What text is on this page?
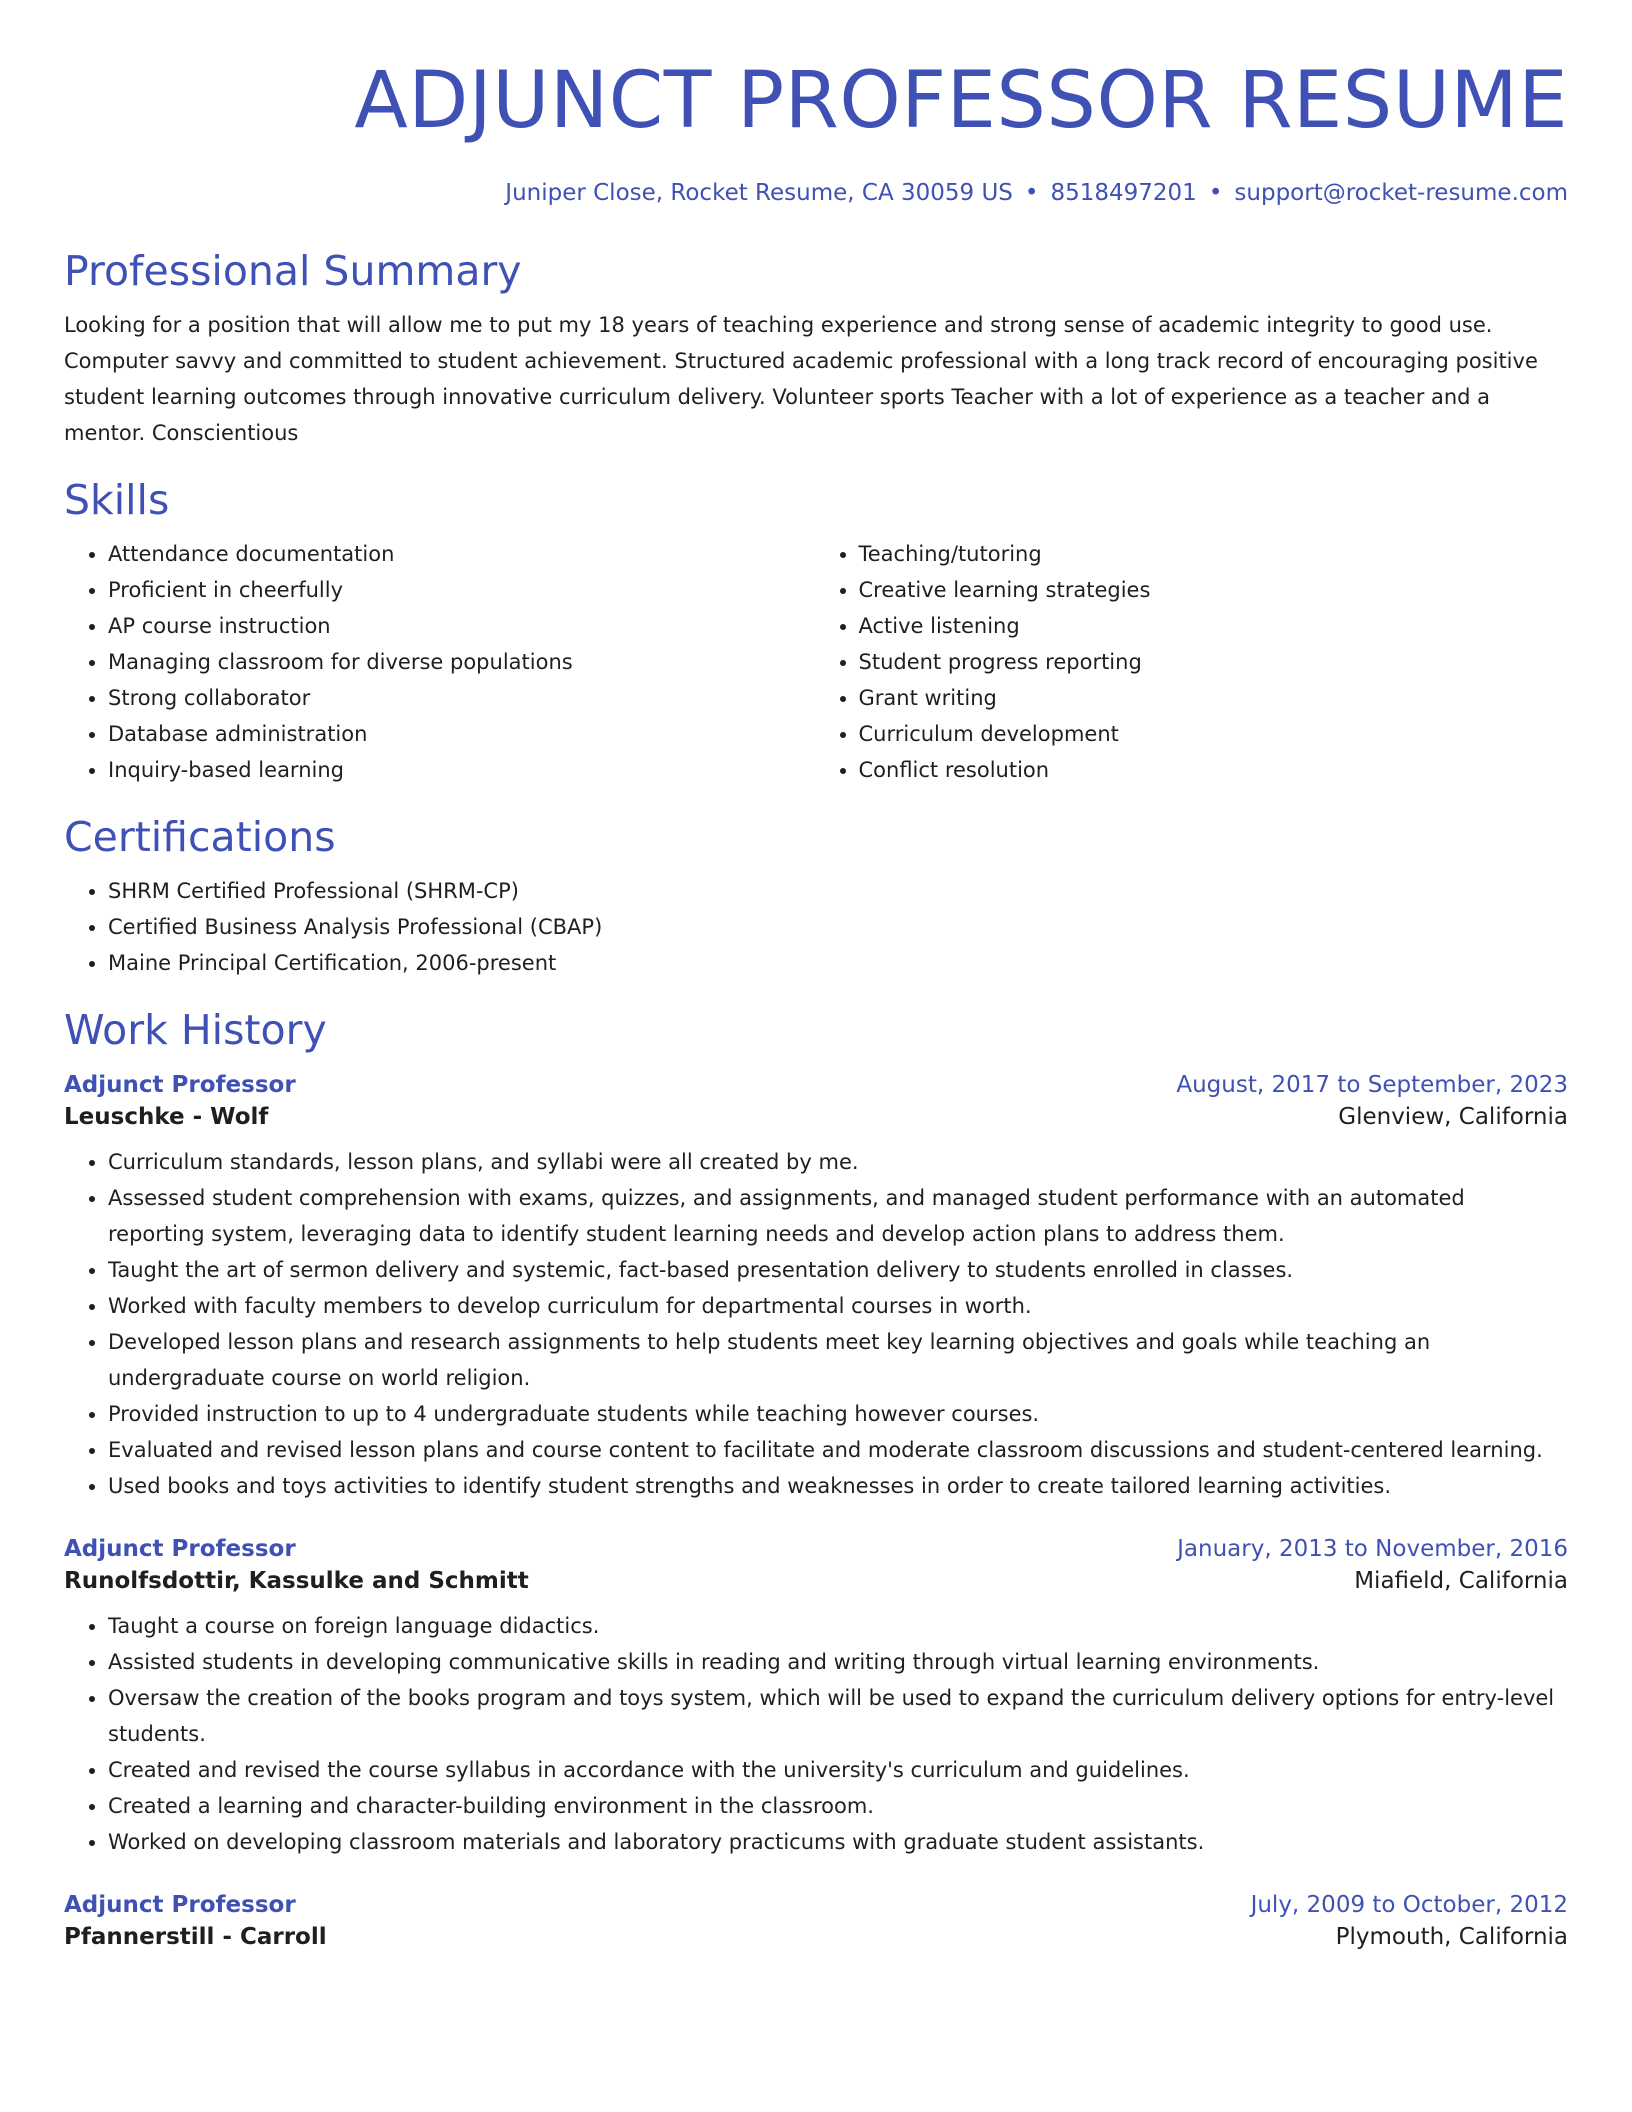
ADJUNCT PROFESSOR RESUME
Juniper Close, Rocket Resume, CA 30059 US • 8518497201 • support@rocket-resume.com
Professional Summary

Looking for a position that will allow me to put my 18 years of teaching experience and strong sense of academic integrity to good use. Computer savvy and committed to student achievement. Structured academic professional with a long track record of encouraging positive student learning outcomes through innovative curriculum delivery. Volunteer sports Teacher with a lot of experience as a teacher and a mentor. Conscientious

Skills
• Attendance documentation
• Proficient in cheerfully
• AP course instruction
• Managing classroom for diverse populations
• Strong collaborator
• Database administration
• Inquiry-based learning
• Teaching/tutoring
• Creative learning strategies
• Active listening
• Student progress reporting
• Grant writing
• Curriculum development
• Conflict resolution
Certifications
• SHRM Certified Professional (SHRM-CP)
• Certified Business Analysis Professional (CBAP)
• Maine Principal Certification, 2006-present
Work History
Adjunct Professor	August, 2017 to September, 2023
Leuschke - Wolf	Glenview, California
• Curriculum standards, lesson plans, and syllabi were all created by me.
• Assessed student comprehension with exams, quizzes, and assignments, and managed student performance with an automated reporting system, leveraging data to identify student learning needs and develop action plans to address them.
• Taught the art of sermon delivery and systemic, fact-based presentation delivery to students enrolled in classes.
• Worked with faculty members to develop curriculum for departmental courses in worth.
• Developed lesson plans and research assignments to help students meet key learning objectives and goals while teaching an undergraduate course on world religion.
• Provided instruction to up to 4 undergraduate students while teaching however courses.
• Evaluated and revised lesson plans and course content to facilitate and moderate classroom discussions and student-centered learning.
• Used books and toys activities to identify student strengths and weaknesses in order to create tailored learning activities.
Adjunct Professor	January, 2013 to November, 2016
Runolfsdottir, Kassulke and Schmitt	Miafield, California
• Taught a course on foreign language didactics.
• Assisted students in developing communicative skills in reading and writing through virtual learning environments.
• Oversaw the creation of the books program and toys system, which will be used to expand the curriculum delivery options for entry-level students.
• Created and revised the course syllabus in accordance with the university's curriculum and guidelines.
• Created a learning and character-building environment in the classroom.
• Worked on developing classroom materials and laboratory practicums with graduate student assistants.
Adjunct Professor	July, 2009 to October, 2012
Pfannerstill - Carroll	Plymouth, California
